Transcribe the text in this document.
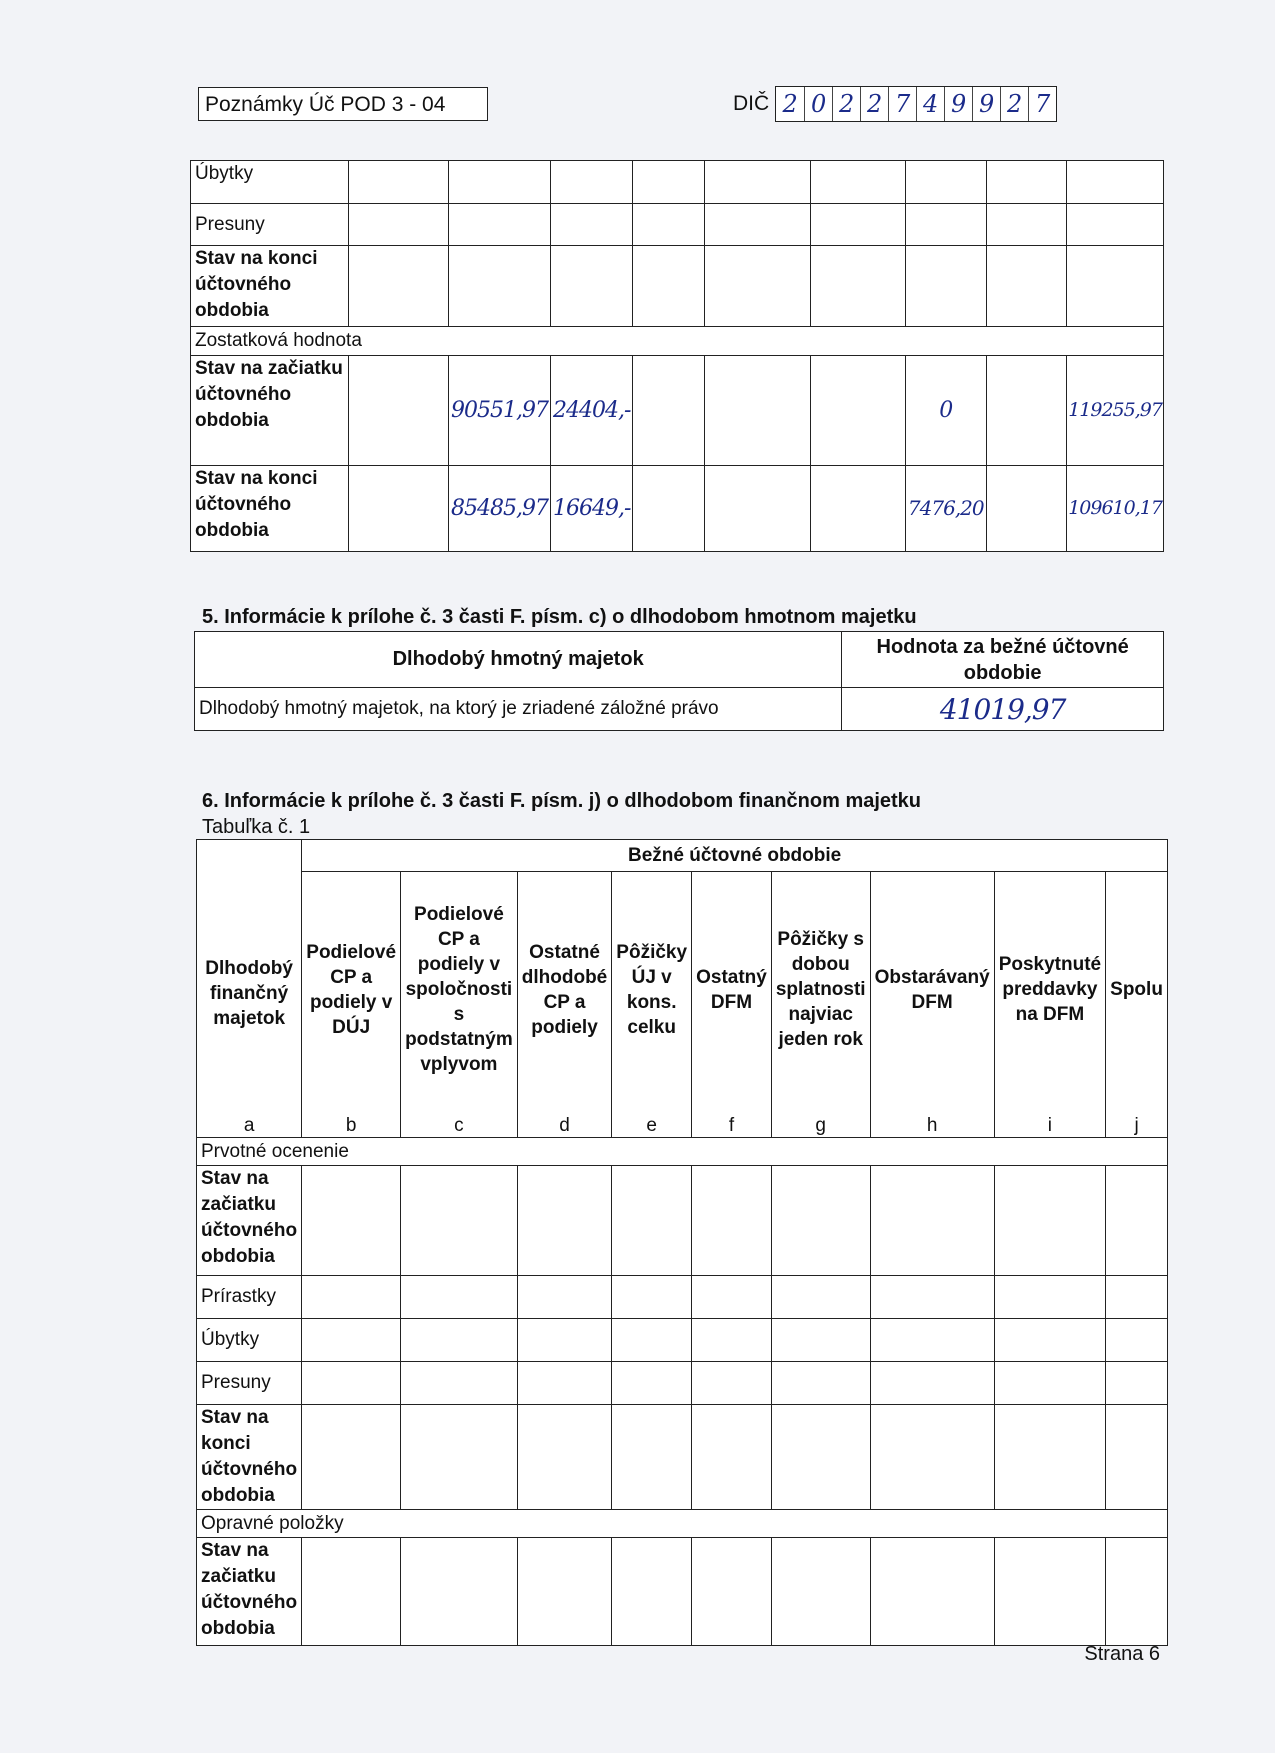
Poznámky Úč POD 3 - 04	DIČ 2 0 2 2 7 4 9 9 2 7
Úbytky									
Presuny									
Stav na konci účtovného obdobia									
Zostatková hodnota									
Stav na začiatku účtovného obdobia		90551,97	24404,-				0		119255,97
Stav na konci účtovného obdobia		85485,97	16649,-				7476,20		109610,17
5. Informácie k prílohe č. 3 časti F. písm. c) o dlhodobom hmotnom majetku
Dlhodobý hmotný majetok	Hodnota za bežné účtovné obdobie
Dlhodobý hmotný majetok, na ktorý je zriadené záložné právo	41019,97
6. Informácie k prílohe č. 3 časti F. písm. j) o dlhodobom finančnom majetku
Tabuľka č. 1
Dlhodobý finančný majetok	Bežné účtovné obdobie								
	Podielové CP a podiely v DÚJ	Podielové CP a podiely v spoločnosti s podstatným vplyvom	Ostatné dlhodobé CP a podiely	Pôžičky ÚJ v kons. celku	Ostatný DFM	Pôžičky s dobou splatnosti najviac jeden rok	Obstarávaný DFM	Poskytnuté preddavky na DFM	Spolu
a	b	c	d	e	f	g	h	i	j
Prvotné ocenenie									
Stav na začiatku účtovného obdobia									
Prírastky									
Úbytky									
Presuny									
Stav na konci účtovného obdobia									
Opravné položky									
Stav na začiatku účtovného obdobia									
Strana 6
